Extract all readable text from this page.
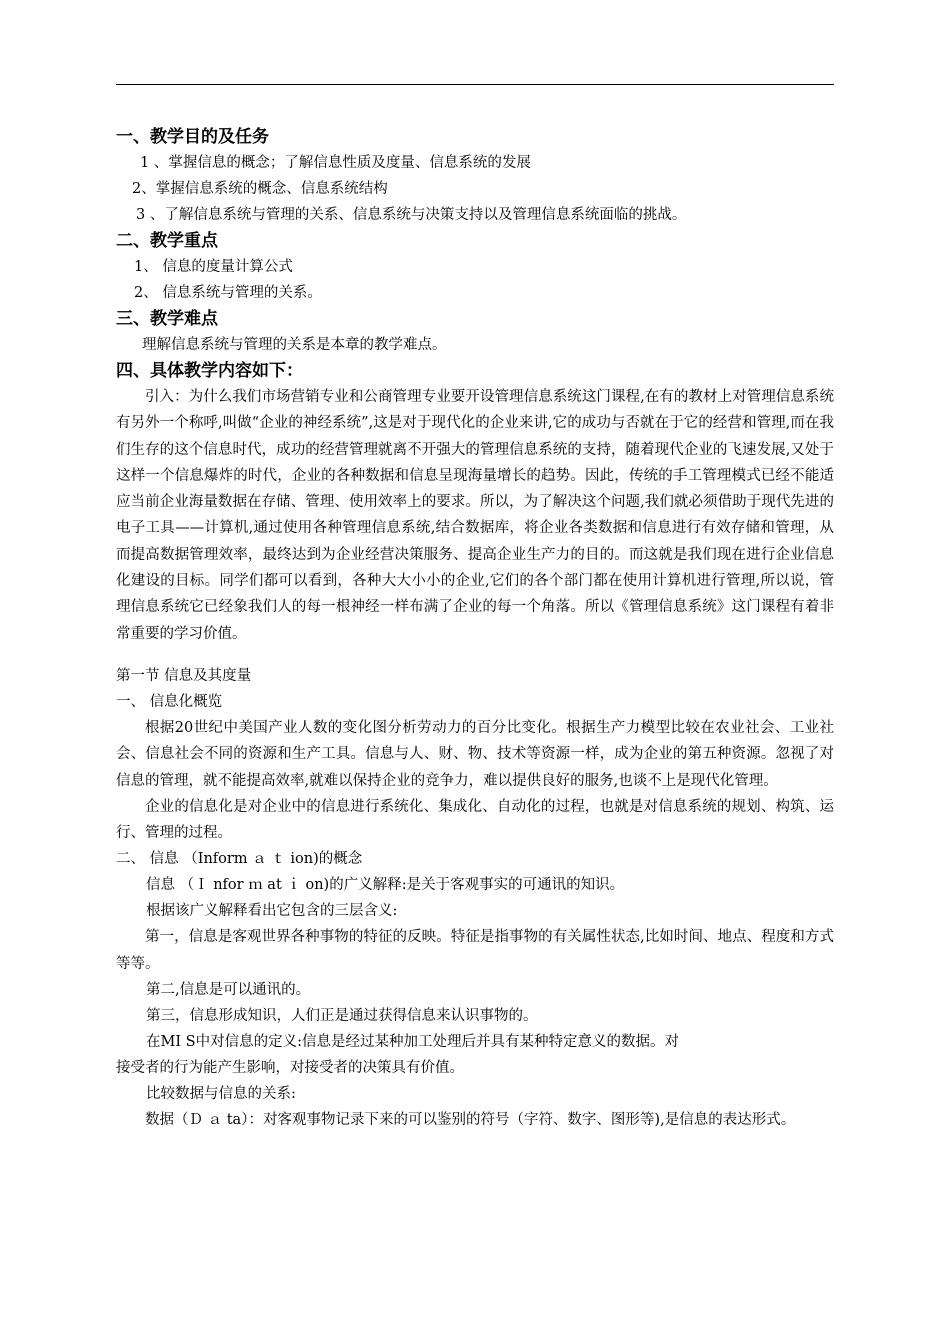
一、教学目的及任务
1 、掌握信息的概念；了解信息性质及度量、信息系统的发展
2、掌握信息系统的概念、信息系统结构
3 、了解信息系统与管理的关系、信息系统与决策支持以及管理信息系统面临的挑战。
二、教学重点
1、 信息的度量计算公式
2、 信息系统与管理的关系。
三、教学难点
理解信息系统与管理的关系是本章的教学难点。
四、具体教学内容如下：
引入：为什么我们市场营销专业和公商管理专业要开设管理信息系统这门课程,在有的教材上对管理信息系统有另外一个称呼,叫做“企业的神经系统”,这是对于现代化的企业来讲,它的成功与否就在于它的经营和管理,而在我们生存的这个信息时代，成功的经营管理就离不开强大的管理信息系统的支持，随着现代企业的飞速发展,又处于这样一个信息爆炸的时代，企业的各种数据和信息呈现海量增长的趋势。因此，传统的手工管理模式已经不能适应当前企业海量数据在存储、管理、使用效率上的要求。所以，为了解决这个问题,我们就必须借助于现代先进的电子工具——计算机,通过使用各种管理信息系统,结合数据库，将企业各类数据和信息进行有效存储和管理，从而提高数据管理效率，最终达到为企业经营决策服务、提高企业生产力的目的。而这就是我们现在进行企业信息化建设的目标。同学们都可以看到，各种大大小小的企业,它们的各个部门都在使用计算机进行管理,所以说，管理信息系统它已经象我们人的每一根神经一样布满了企业的每一个角落。所以《管理信息系统》这门课程有着非常重要的学习价值。
第一节 信息及其度量
一、 信息化概览
根据20世纪中美国产业人数的变化图分析劳动力的百分比变化。根据生产力模型比较在农业社会、工业社会、信息社会不同的资源和生产工具。信息与人、财、物、技术等资源一样，成为企业的第五种资源。忽视了对信息的管理，就不能提高效率,就难以保持企业的竞争力，难以提供良好的服务,也谈不上是现代化管理。
企业的信息化是对企业中的信息进行系统化、集成化、自动化的过程，也就是对信息系统的规划、构筑、运行、管理的过程。
二、 信息 （Inform ａ ｔ ion)的概念
信息 （Ｉ nfor ｍ at ｉ on)的广义解释:是关于客观事实的可通讯的知识。
根据该广义解释看出它包含的三层含义:
第一，信息是客观世界各种事物的特征的反映。特征是指事物的有关属性状态,比如时间、地点、程度和方式等等。
第二,信息是可以通讯的。
第三，信息形成知识，人们正是通过获得信息来认识事物的。
在MI S中对信息的定义:信息是经过某种加工处理后并具有某种特定意义的数据。对
接受者的行为能产生影响，对接受者的决策具有价值。
比较数据与信息的关系:
数据（Ｄ ａ ta）：对客观事物记录下来的可以鉴别的符号（字符、数字、图形等),是信息的表达形式。
